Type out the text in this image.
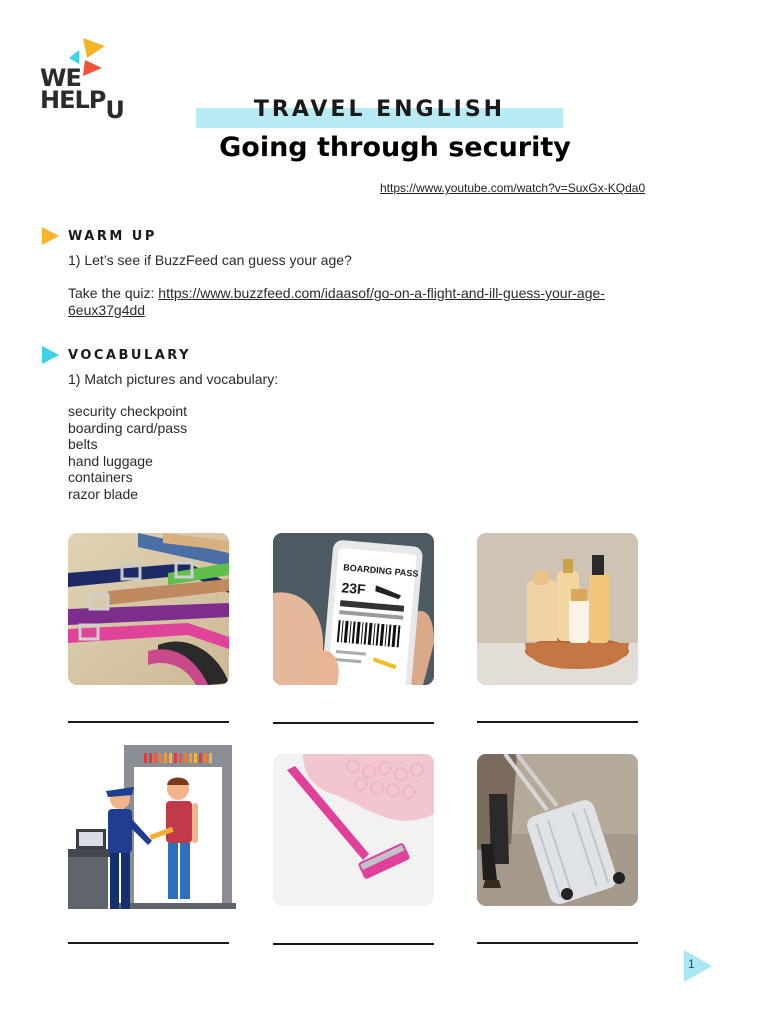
WE
HELPU	TRAVEL ENGLISH
Going through security
https://www.youtube.com/watch?v=SuxGx-KQda0
WARM UP
1) Let’s see if BuzzFeed can guess your age?
Take the quiz: https://www.buzzfeed.com/idaasof/go-on-a-flight-and-ill-guess-your-age-
6eux37g4dd
VOCABULARY
1) Match pictures and vocabulary:
security checkpoint
boarding card/pass
belts
hand luggage
containers
razor blade
BOARDING PASS
23F
1
